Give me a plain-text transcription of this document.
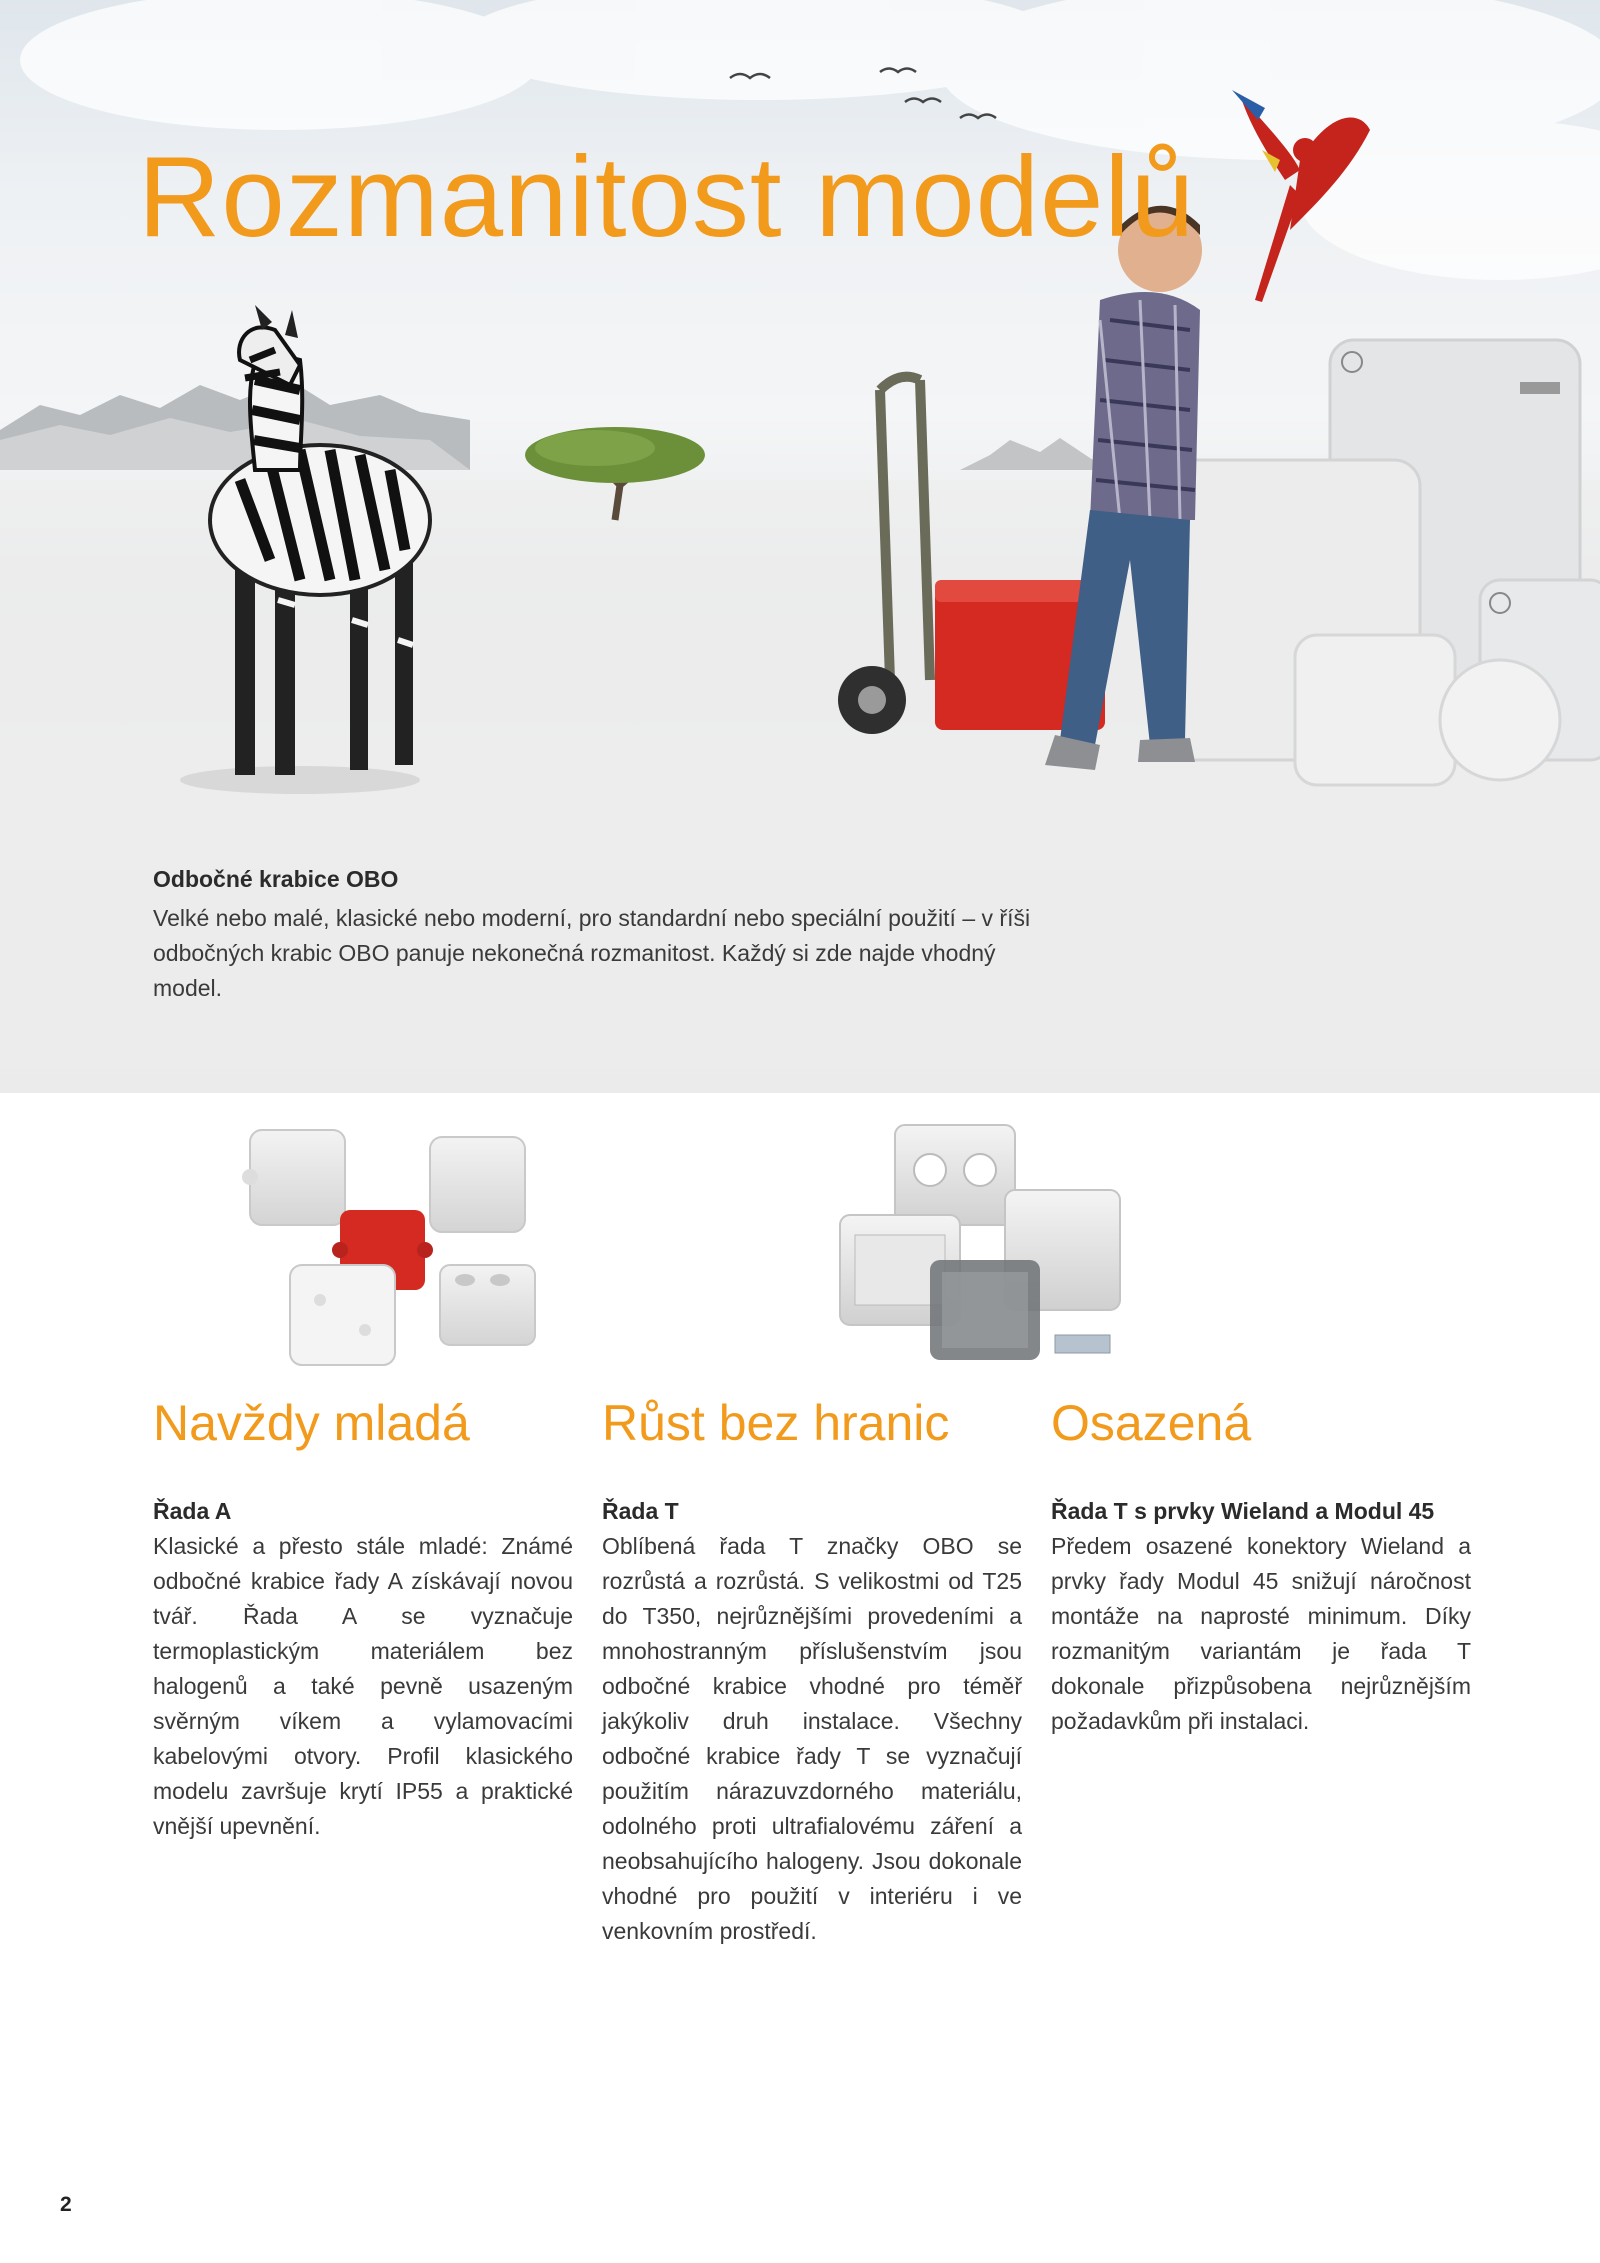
Rozmanitost modelů

Odbočné krabice OBO

Velké nebo malé, klasické nebo moderní, pro standardní nebo speciální použití – v říši odbočných krabic OBO panuje nekonečná rozmanitost. Každý si zde najde vhodný model.

Navždy mladá
Řada A

Klasické a přesto stále mladé: Známé odbočné krabice řady A získávají novou tvář. Řada A se vyznačuje termoplastickým materiálem bez halogenů a také pevně usazeným svěrným víkem a vylamovacími kabelovými otvory. Profil klasického modelu završuje krytí IP55 a praktické vnější upevnění.

Růst bez hranic
Řada T

Oblíbená řada T značky OBO se rozrůstá a rozrůstá. S velikostmi od T25 do T350, nejrůznějšími provedeními a mnohostranným příslušenstvím jsou odbočné krabice vhodné pro téměř jakýkoliv druh instalace. Všechny odbočné krabice řady T se vyznačují použitím nárazuvzdorného materiálu, odolného proti ultrafialovému záření a neobsahujícího halogeny. Jsou dokonale vhodné pro použití v interiéru i ve venkovním prostředí.

Osazená
Řada T s prvky Wieland a Modul 45

Předem osazené konektory Wieland a prvky řady Modul 45 snižují náročnost montáže na naprosté minimum. Díky rozmanitým variantám je řada T dokonale přizpůsobena nejrůznějším požadavkům při instalaci.

2
